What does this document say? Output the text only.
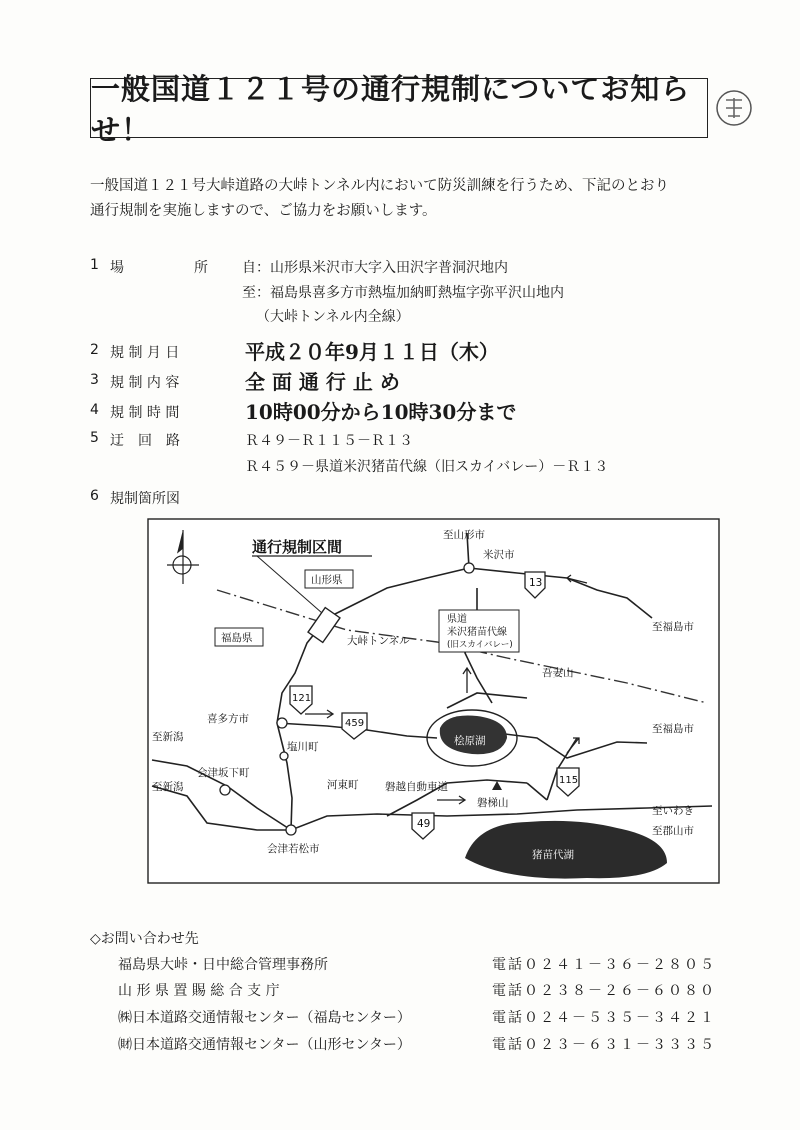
一般国道１２１号の通行規制についてお知らせ！
一般国道１２１号大峠道路の大峠トンネル内において防災訓練を行うため、下記のとおり
通行規制を実施しますので、ご協力をお願いします。
1 場　　　　　所	自：山形県米沢市大字入田沢字普洞沢地内
至：福島県喜多方市熱塩加納町熱塩字弥平沢山地内
（大峠トンネル内全線）
2 規 制 月 日	平成２０年9月１１日（木）
3 規 制 内 容	全 面 通 行 止 め
4 規 制 時 間	10時00分から10時30分まで
5 迂　回　路	Ｒ４９－Ｒ１１５－Ｒ１３
Ｒ４５９－県道米沢猪苗代線（旧スカイバレー）－Ｒ１３
6 規制箇所図
通行規制区間
山形県
福島県
県道
米沢猪苗代線
(旧スカイバレー)
大峠トンネル
至山形市
米沢市
至福島市
吾妻山
至福島市
喜多方市
塩川町
至新潟
至新潟
会津坂下町
河東町	磐越自動車道
磐梯山
桧原湖
会津若松市
至いわき
至郡山市
猪苗代湖
13
121
459
115
49
◇お問い合わせ先
福島県大峠・日中総合管理事務所	電話０２４１－３６－２８０５
山 形 県 置 賜 総 合 支 庁	電話０２３８－２６－６０８０
㈱日本道路交通情報センター（福島センター）	電話０２４－５３５－３４２１
㈶日本道路交通情報センター（山形センター）	電話０２３－６３１－３３３５
